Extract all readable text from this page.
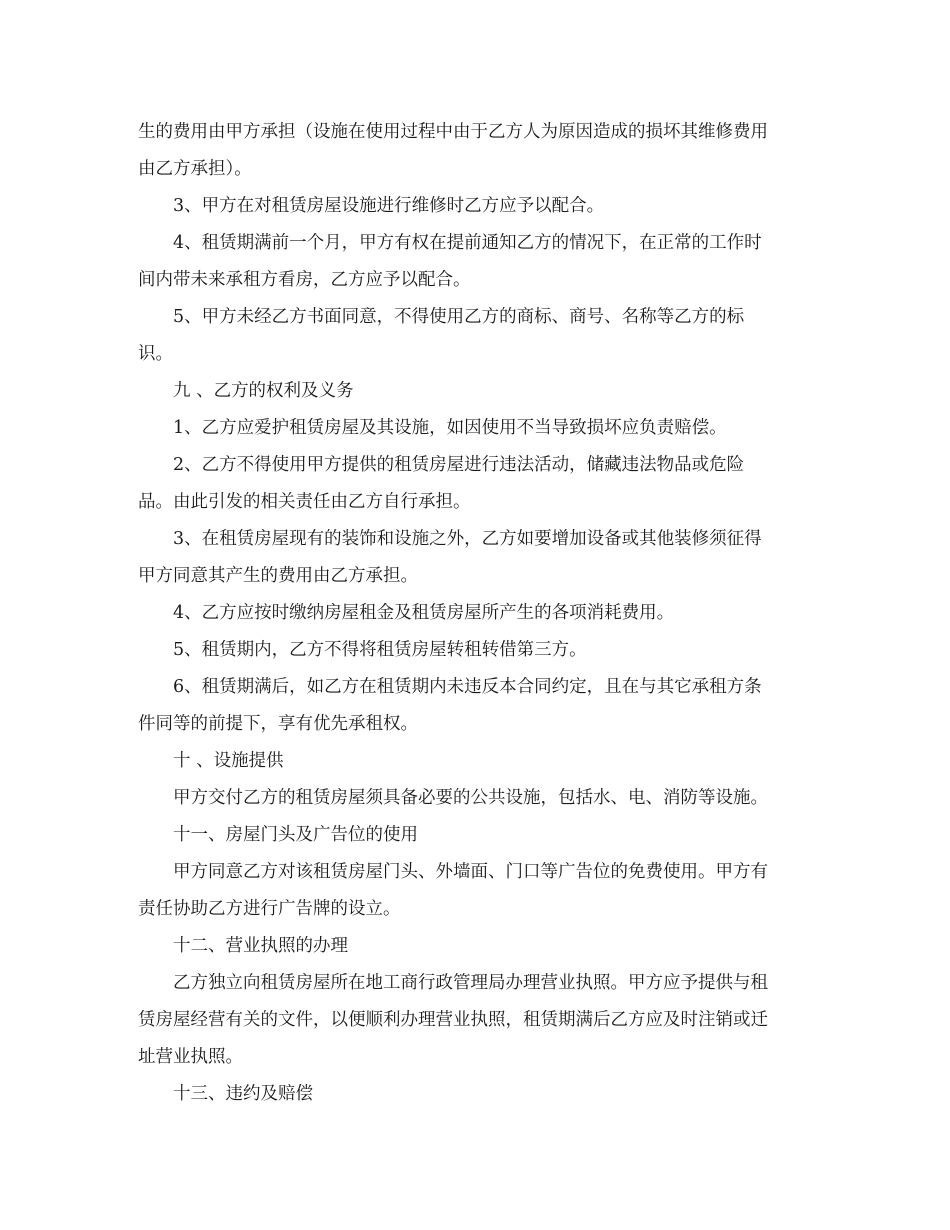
生的费用由甲方承担（设施在使用过程中由于乙方人为原因造成的损坏其维修费用
由乙方承担）。
3、甲方在对租赁房屋设施进行维修时乙方应予以配合。
4、租赁期满前一个月，甲方有权在提前通知乙方的情况下，在正常的工作时
间内带未来承租方看房，乙方应予以配合。
5、甲方未经乙方书面同意，不得使用乙方的商标、商号、名称等乙方的标
识。
九 、乙方的权利及义务
1、乙方应爱护租赁房屋及其设施，如因使用不当导致损坏应负责赔偿。
2、乙方不得使用甲方提供的租赁房屋进行违法活动，储藏违法物品或危险
品。由此引发的相关责任由乙方自行承担。
3、在租赁房屋现有的装饰和设施之外，乙方如要增加设备或其他装修须征得
甲方同意其产生的费用由乙方承担。
4、乙方应按时缴纳房屋租金及租赁房屋所产生的各项消耗费用。
5、租赁期内，乙方不得将租赁房屋转租转借第三方。
6、租赁期满后，如乙方在租赁期内未违反本合同约定，且在与其它承租方条
件同等的前提下，享有优先承租权。
十 、设施提供
甲方交付乙方的租赁房屋须具备必要的公共设施，包括水、电、消防等设施。
十一、房屋门头及广告位的使用
甲方同意乙方对该租赁房屋门头、外墙面、门口等广告位的免费使用。甲方有
责任协助乙方进行广告牌的设立。
十二、营业执照的办理
乙方独立向租赁房屋所在地工商行政管理局办理营业执照。甲方应予提供与租
赁房屋经营有关的文件，以便顺利办理营业执照，租赁期满后乙方应及时注销或迁
址营业执照。
十三、违约及赔偿
